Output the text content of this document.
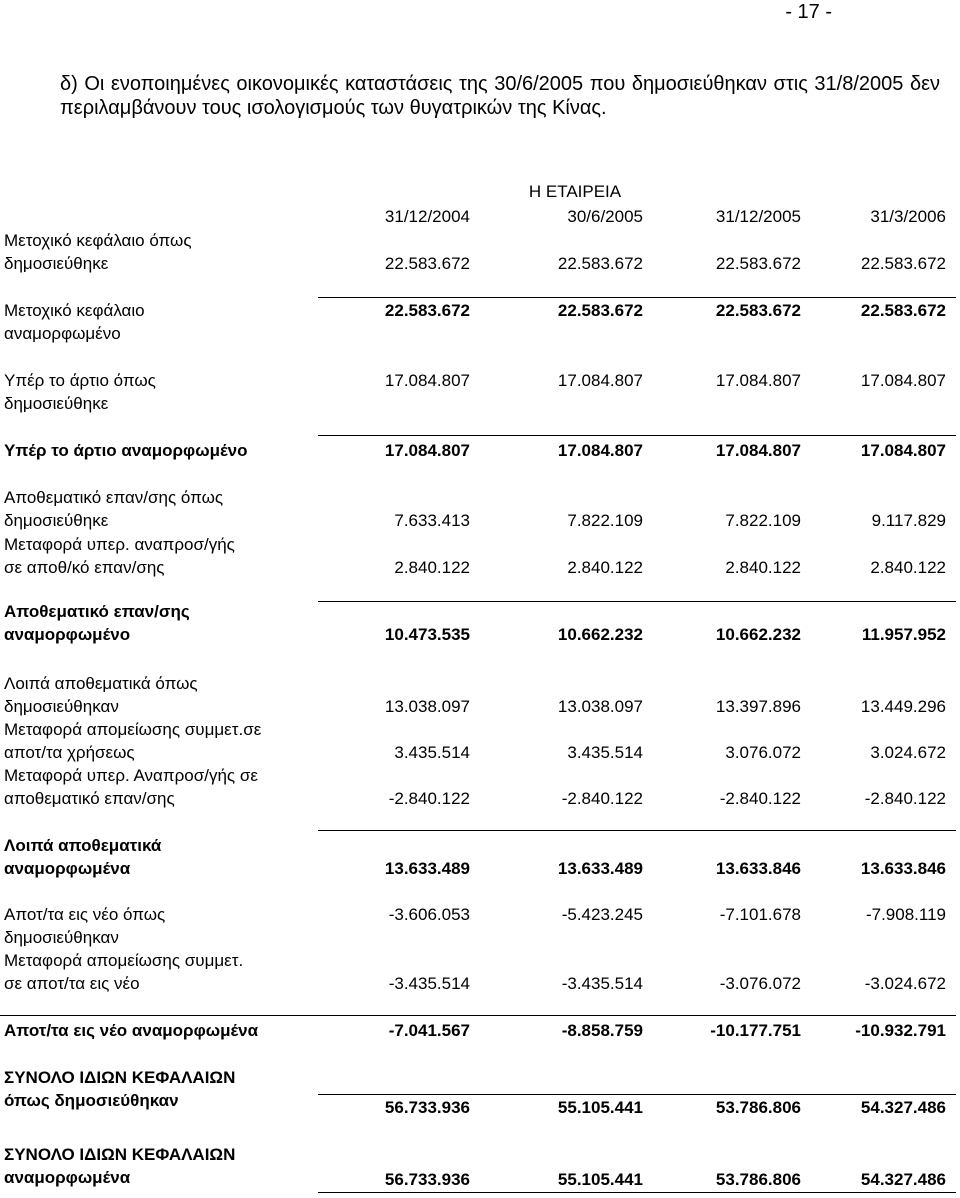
- 17 -
δ) Οι ενοποιημένες οικονομικές καταστάσεις της 30/6/2005 που δημοσιεύθηκαν στις 31/8/2005 δεν περιλαμβάνουν τους ισολογισμούς των θυγατρικών της Κίνας.
Η ΕΤΑΙΡΕΙΑ
31/12/2004	30/6/2005	31/12/2005	31/3/2006
Μετοχικό κεφάλαιο όπως
δημοσιεύθηκε	22.583.672	22.583.672	22.583.672	22.583.672
Μετοχικό κεφάλαιο
αναμορφωμένο
22.583.672	22.583.672	22.583.672	22.583.672
Υπέρ το άρτιο όπως
δημοσιεύθηκε
17.084.807	17.084.807	17.084.807	17.084.807
Υπέρ το άρτιο αναμορφωμένο	17.084.807	17.084.807	17.084.807	17.084.807
Αποθεματικό επαν/σης όπως
δημοσιεύθηκε	7.633.413	7.822.109	7.822.109	9.117.829
Μεταφορά υπερ. αναπροσ/γής
σε αποθ/κό επαν/σης	2.840.122	2.840.122	2.840.122	2.840.122
Αποθεματικό επαν/σης
αναμορφωμένο	10.473.535	10.662.232	10.662.232	11.957.952
Λοιπά αποθεματικά όπως
δημοσιεύθηκαν	13.038.097	13.038.097	13.397.896	13.449.296
Μεταφορά απομείωσης συμμετ.σε
αποτ/τα χρήσεως	3.435.514	3.435.514	3.076.072	3.024.672
Μεταφορά υπερ. Αναπροσ/γής σε
αποθεματικό επαν/σης	-2.840.122	-2.840.122	-2.840.122	-2.840.122
Λοιπά αποθεματικά
αναμορφωμένα	13.633.489	13.633.489	13.633.846	13.633.846
Αποτ/τα εις νέο όπως
δημοσιεύθηκαν
-3.606.053	-5.423.245	-7.101.678	-7.908.119
Μεταφορά απομείωσης συμμετ.
σε αποτ/τα εις νέο	-3.435.514	-3.435.514	-3.076.072	-3.024.672
Αποτ/τα εις νέο αναμορφωμένα	-7.041.567	-8.858.759	-10.177.751	-10.932.791
ΣΥΝΟΛΟ ΙΔΙΩΝ ΚΕΦΑΛΑΙΩΝ
όπως δημοσιεύθηκαν	56.733.936	55.105.441	53.786.806	54.327.486
ΣΥΝΟΛΟ ΙΔΙΩΝ ΚΕΦΑΛΑΙΩΝ
αναμορφωμένα	56.733.936	55.105.441	53.786.806	54.327.486
